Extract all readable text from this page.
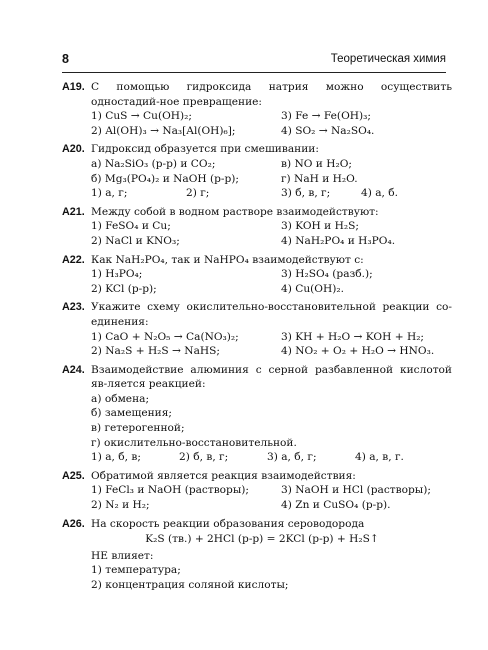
8	Теоретическая химия
A19. С помощью гидроксида натрия можно осуществить одностадий-ное превращение:
1) CuS → Cu(OH)₂;	3) Fe → Fe(OH)₃;
2) Al(OH)₃ → Na₃[Al(OH)₆];	4) SO₂ → Na₂SO₄.
A20. Гидроксид образуется при смешивании:
а) Na₂SiO₃ (р-р) и CO₂;	в) NO и H₂O;
б) Mg₃(PO₄)₂ и NaOH (р-р);	г) NaH и H₂O.
1) а, г;	2) г;	3) б, в, г;	4) а, б.
A21. Между собой в водном растворе взаимодействуют:
1) FeSO₄ и Cu;	3) KOH и H₂S;
2) NaCl и KNO₃;	4) NaH₂PO₄ и H₃PO₄.
A22. Как NaH₂PO₄, так и NaHPO₄ взаимодействуют с:
1) H₃PO₄;	3) H₂SO₄ (разб.);
2) KCl (р-р);	4) Cu(OH)₂.
A23. Укажите схему окислительно-восстановительной реакции со-единения:
1) CaO + N₂O₅ → Ca(NO₃)₂;	3) KH + H₂O → KOH + H₂;
2) Na₂S + H₂S → NaHS;	4) NO₂ + O₂ + H₂O → HNO₃.
A24. Взаимодействие алюминия с серной разбавленной кислотой яв-ляется реакцией:
а) обмена;
б) замещения;
в) гетерогенной;
г) окислительно-восстановительной.
1) а, б, в;	2) б, в, г;	3) а, б, г;	4) а, в, г.
A25. Обратимой является реакция взаимодействия:
1) FeCl₃ и NaOH (растворы);	3) NaOH и HCl (растворы);
2) N₂ и H₂;	4) Zn и CuSO₄ (р-р).
A26. На скорость реакции образования сероводорода
K₂S (тв.) + 2HCl (р-р) = 2KCl (р-р) + H₂S↑
НЕ влияет:
1) температура;
2) концентрация соляной кислоты;
